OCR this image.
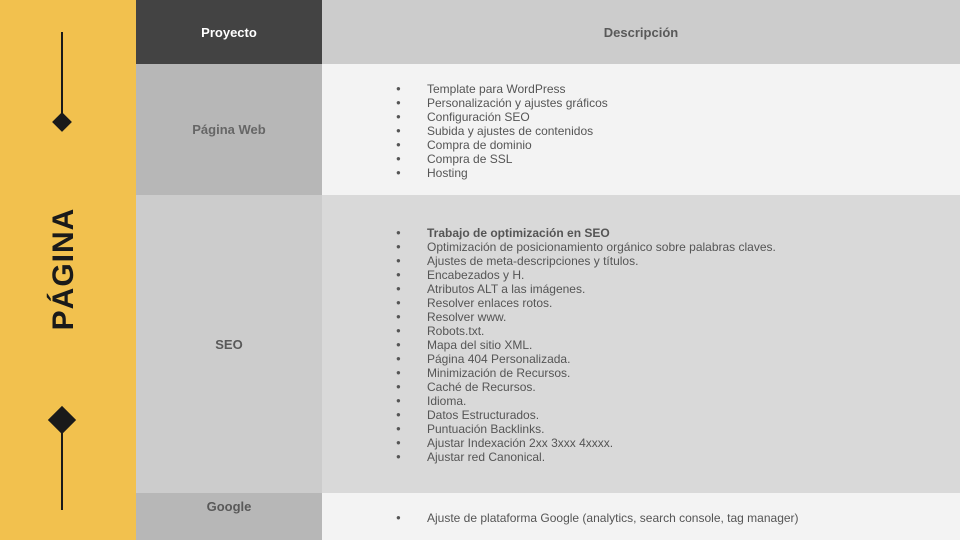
PÁGINA
Proyecto	Descripción
Página Web
● Template para WordPress
● Personalización y ajustes gráficos
● Configuración SEO
● Subida y ajustes de contenidos
● Compra de dominio
● Compra de SSL
● Hosting
SEO
● Trabajo de optimización en SEO
● Optimización de posicionamiento orgánico sobre palabras claves.
● Ajustes de meta-descripciones y títulos.
● Encabezados y H.
● Atributos ALT a las imágenes.
● Resolver enlaces rotos.
● Resolver www.
● Robots.txt.
● Mapa del sitio XML.
● Página 404 Personalizada.
● Minimización de Recursos.
● Caché de Recursos.
● Idioma.
● Datos Estructurados.
● Puntuación Backlinks.
● Ajustar Indexación 2xx 3xxx 4xxxx.
● Ajustar red Canonical.
Google
● Ajuste de plataforma Google (analytics, search console, tag manager)
